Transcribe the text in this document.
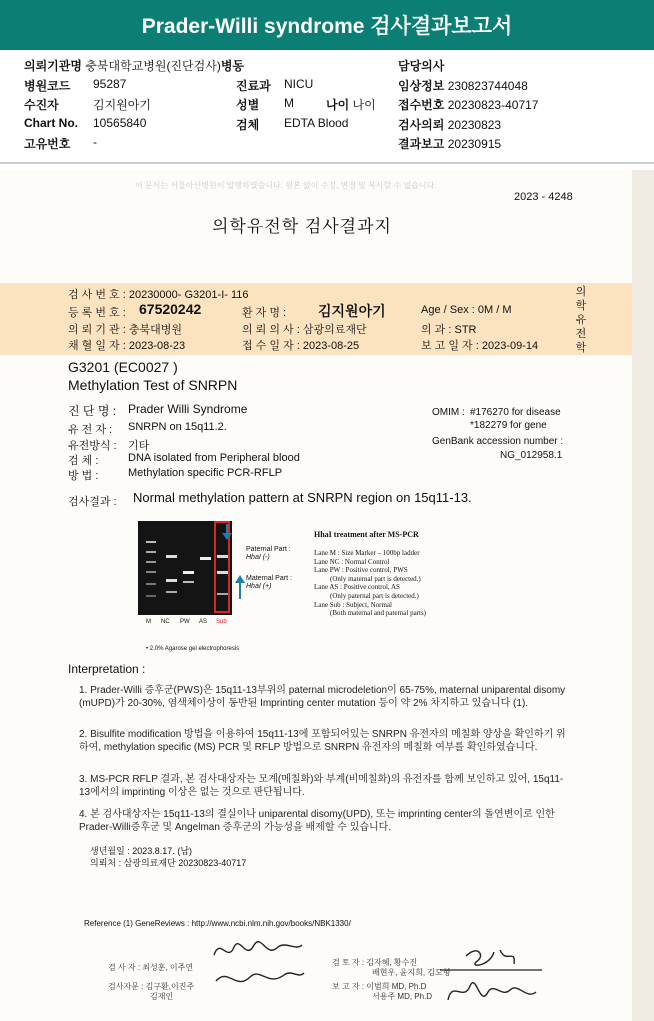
Prader-Willi syndrome 검사결과보고서
의뢰기관명 충북대학교병원(진단검사)병동	담당의사
병원코드 95287	진료과 NICU	임상정보 230823744048
수진자	김지원아기	성별 M	나이 나이 접수번호 20230823-40717
Chart No. 10565840	검체 EDTA Blood	검사의뢰 20230823
고유번호 -	결과보고 20230915
이 문서는 서울아산병원이 발행하였습니다. 원본 없이 수정, 변경 및 복사할 수 없습니다.
2023 - 4248
의학유전학 검사결과지
검 사 번 호 : 20230000- G3201-I- 116
등 록 번 호 : 67520242	환 자 명 : 김지원아기	Age / Sex : 0M / M
의 뢰 기 관 : 충북대병원	의 뢰 의 사 : 삼광의료재단	의 과 : STR
채 혈 일 자 : 2023-08-23	접 수 일 자 : 2023-08-25	보 고 일 자 : 2023-09-14
의
학
유
전
학
G3201 (EC0027 )
Methylation Test of SNRPN
진 단 명 : Prader Willi Syndrome
유 전 자 : SNRPN on 15q11.2.
유전방식 : 기타
검 체 :	DNA isolated from Peripheral blood
방 법 :	Methylation specific PCR-RFLP
OMIM : #176270 for disease
*182279 for gene
GenBank accession number :
NG_012958.1
검사결과 : Normal methylation pattern at SNRPN region on 15q11-13.
Paternal Part :
HhaI (-)
Maternal Part :
HhaI (+)
M NC PW AS Sub
• 2.0% Agarose gel electrophoresis
HhaI treatment after MS-PCR
Lane M : Size Marker – 100bp ladder
Lane NC : Normal Control
Lane PW : Positive control, PWS
(Only maternal part is detected.)
Lane AS : Positive control, AS
(Only paternal part is detected.)
Lane Sub : Subject, Normal
(Both maternal and paternal parts)
Interpretation :
1. Prader-Willi 증후군(PWS)은 15q11-13부위의 paternal microdeletion이 65-75%, maternal uniparental disomy (mUPD)가 20-30%, 염색체이상이 동반된 Imprinting center mutation 등이 약 2% 차지하고 있습니다 (1).
2. Bisulfite modification 방법을 이용하여 15q11-13에 포함되어있는 SNRPN 유전자의 메칠화 양상을 확인하기 위하여, methylation specific (MS) PCR 및 RFLP 방법으로 SNRPN 유전자의 메칠화 여부를 확인하였습니다.
3. MS-PCR RFLP 결과, 본 검사대상자는 모계(메칠화)와 부계(비메칠화)의 유전자를 함께 보인하고 있어, 15q11-13에서의 imprinting 이상은 없는 것으로 판단됩니다.
4. 본 검사대상자는 15q11-13의 결실이나 uniparental disomy(UPD), 또는 imprinting center의 돌연변이로 인한 Prader-Willi증후군 및 Angelman 증후군의 가능성을 배제할 수 있습니다.
생년월일 : 2023.8.17. (남)
의뢰처 : 삼광의료재단 20230823-40717
Reference (1) GeneReviews : http://www.ncbi.nlm.nih.gov/books/NBK1330/
검 사 자 : 최성훈, 이주연
검사자문 : 김구환,이진주
김재인
검 토 자 : 김자혜, 황수진
배현우, 윤지희, 김도형
보 고 자 : 이범희 MD, Ph.D
서용주 MD, Ph.D
